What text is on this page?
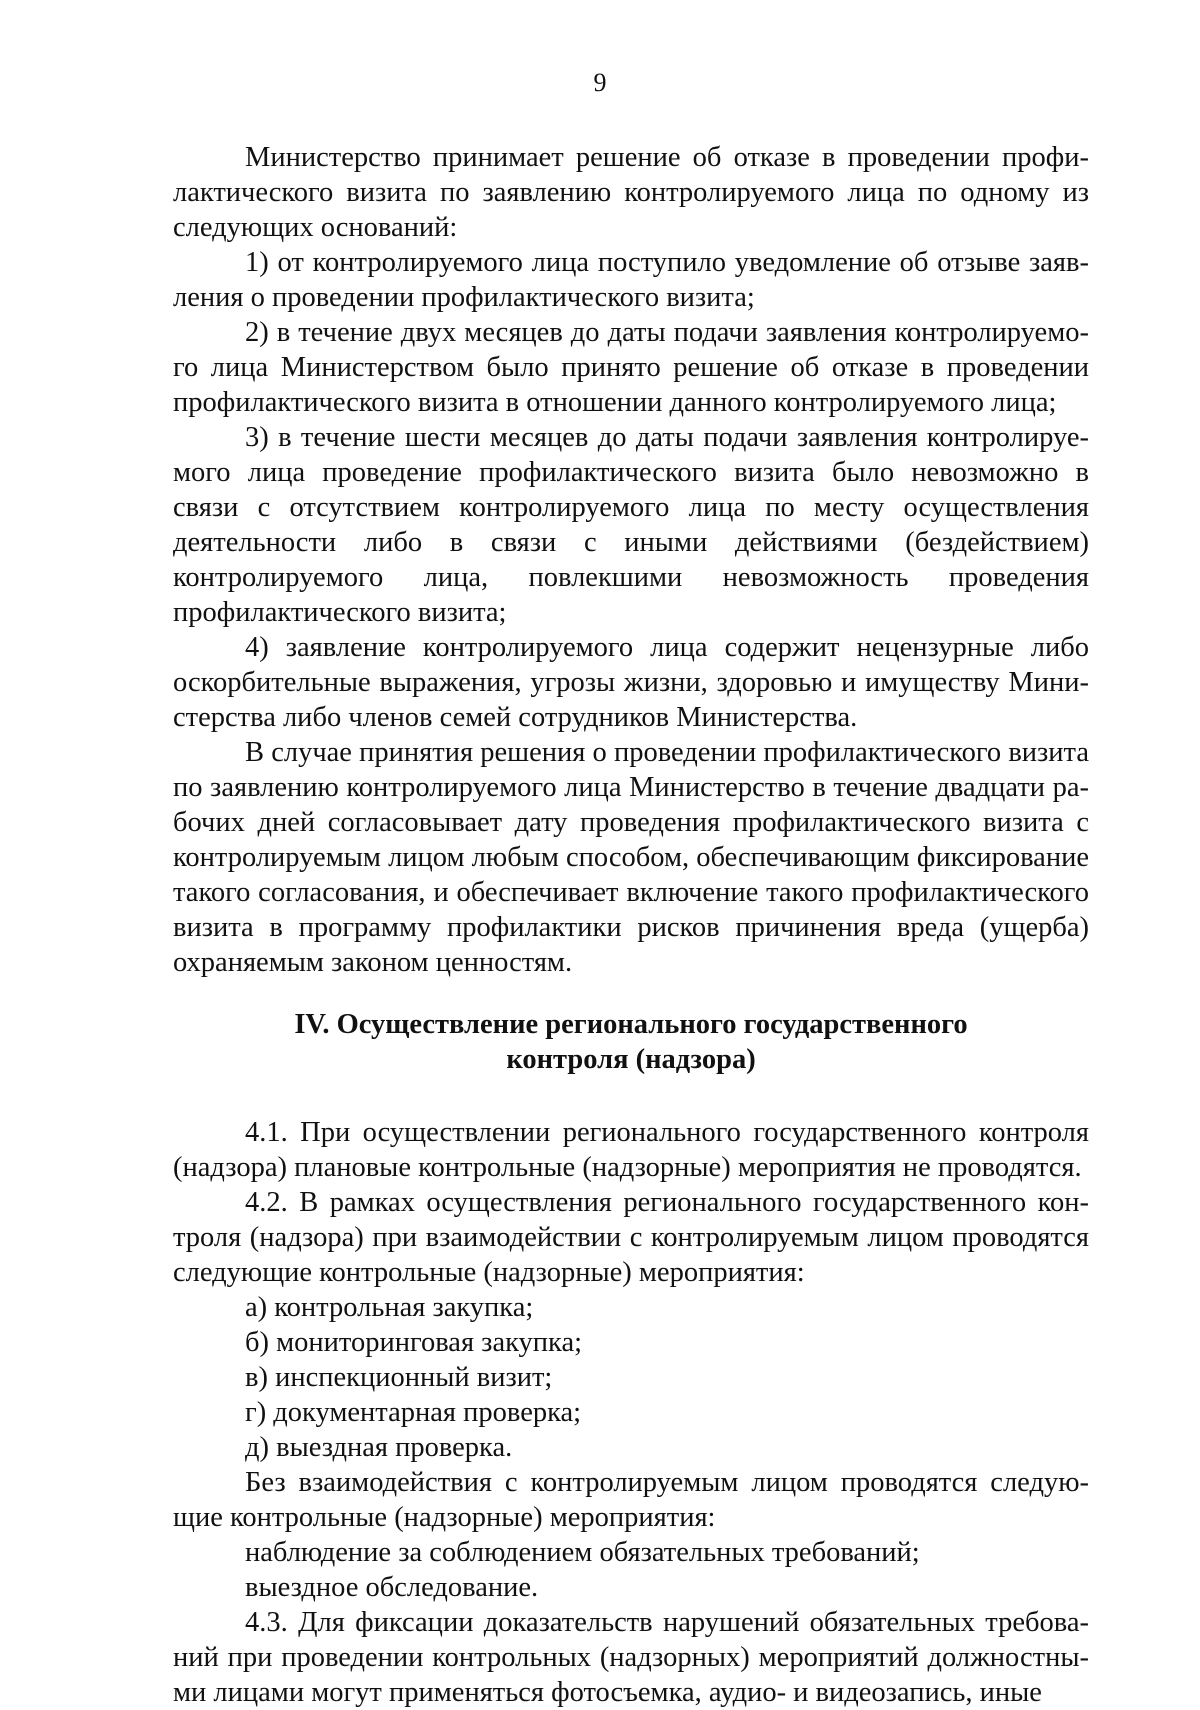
9

Министерство принимает решение об отказе в проведении профилактического визита по заявлению контролируемого лица по одному из следующих оснований:

1) от контролируемого лица поступило уведомление об отзыве заявления о проведении профилактического визита;

2) в течение двух месяцев до даты подачи заявления контролируемого лица Министерством было принято решение об отказе в проведении профилактического визита в отношении данного контролируемого лица;

3) в течение шести месяцев до даты подачи заявления контролируемого лица проведение профилактического визита было невозможно в связи с отсутствием контролируемого лица по месту осуществления деятельности либо в связи с иными действиями (бездействием) контролируемого лица, повлекшими невозможность проведения профилактического визита;

4) заявление контролируемого лица содержит нецензурные либо оскорбительные выражения, угрозы жизни, здоровью и имуществу Министерства либо членов семей сотрудников Министерства.

В случае принятия решения о проведении профилактического визита по заявлению контролируемого лица Министерство в течение двадцати рабочих дней согласовывает дату проведения профилактического визита с контролируемым лицом любым способом, обеспечивающим фиксирование такого согласования, и обеспечивает включение такого профилактического визита в программу профилактики рисков причинения вреда (ущерба) охраняемым законом ценностям.

IV. Осуществление регионального государственного
контроля (надзора)

4.1. При осуществлении регионального государственного контроля (надзора) плановые контрольные (надзорные) мероприятия не проводятся.

4.2. В рамках осуществления регионального государственного контроля (надзора) при взаимодействии с контролируемым лицом проводятся следующие контрольные (надзорные) мероприятия:

а) контрольная закупка;

б) мониторинговая закупка;

в) инспекционный визит;

г) документарная проверка;

д) выездная проверка.

Без взаимодействия с контролируемым лицом проводятся следующие контрольные (надзорные) мероприятия:

наблюдение за соблюдением обязательных требований;

выездное обследование.

4.3. Для фиксации доказательств нарушений обязательных требований при проведении контрольных (надзорных) мероприятий должностными лицами могут применяться фотосъемка, аудио- и видеозапись, иные
